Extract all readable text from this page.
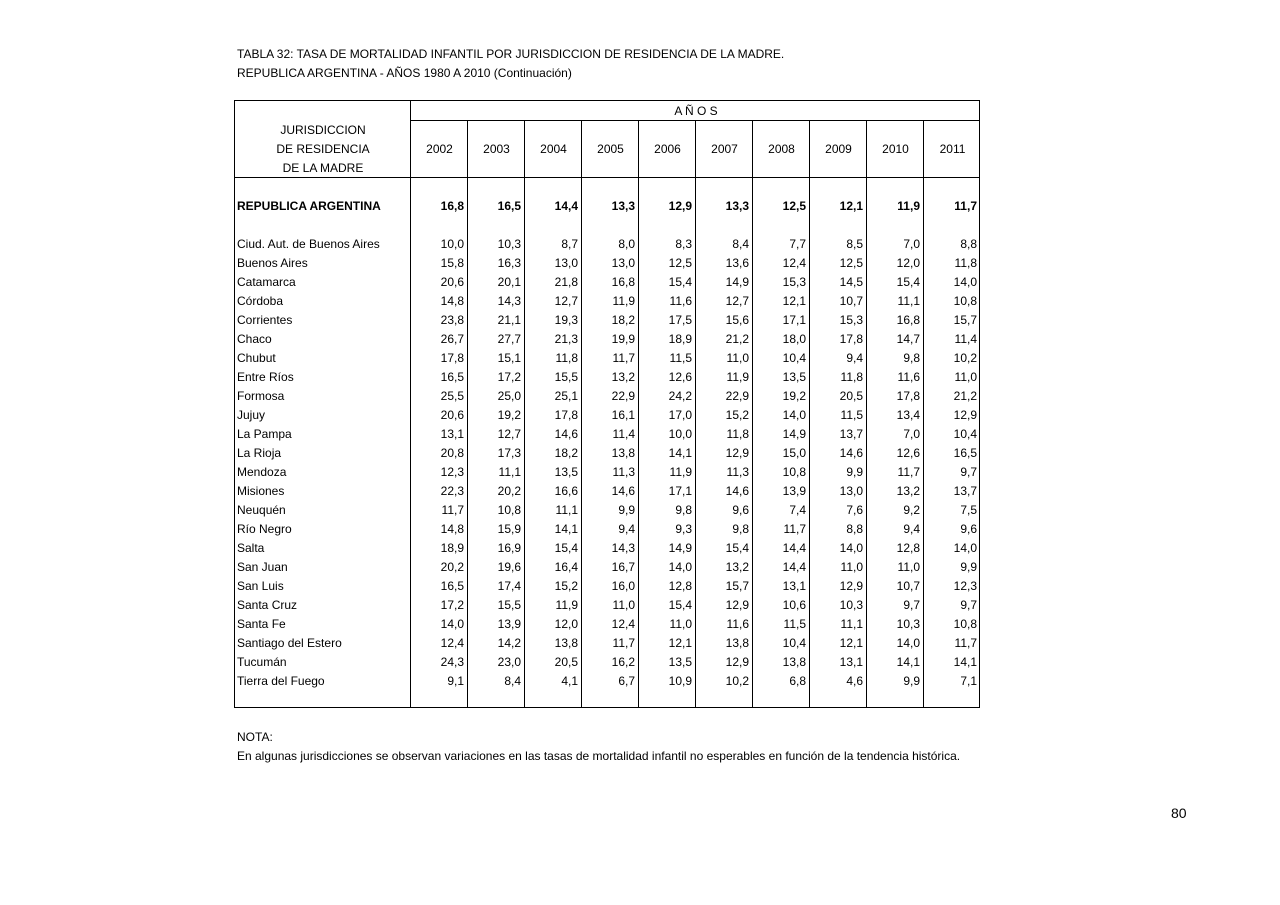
TABLA 32: TASA DE MORTALIDAD INFANTIL POR JURISDICCION DE RESIDENCIA DE LA MADRE.
REPUBLICA ARGENTINA - AÑOS 1980 A 2010 (Continuación)
JURISDICCION
DE RESIDENCIA
DE LA MADRE
A Ñ O S
2002	2003	2004	2005	2006	2007	2008	2009	2010	2011
REPUBLICA ARGENTINA	16,8	16,5	14,4	13,3	12,9	13,3	12,5	12,1	11,9	11,7
Ciud. Aut. de Buenos Aires	10,0	10,3	8,7	8,0	8,3	8,4	7,7	8,5	7,0	8,8
Buenos Aires	15,8	16,3	13,0	13,0	12,5	13,6	12,4	12,5	12,0	11,8
Catamarca	20,6	20,1	21,8	16,8	15,4	14,9	15,3	14,5	15,4	14,0
Córdoba	14,8	14,3	12,7	11,9	11,6	12,7	12,1	10,7	11,1	10,8
Corrientes	23,8	21,1	19,3	18,2	17,5	15,6	17,1	15,3	16,8	15,7
Chaco	26,7	27,7	21,3	19,9	18,9	21,2	18,0	17,8	14,7	11,4
Chubut	17,8	15,1	11,8	11,7	11,5	11,0	10,4	9,4	9,8	10,2
Entre Ríos	16,5	17,2	15,5	13,2	12,6	11,9	13,5	11,8	11,6	11,0
Formosa	25,5	25,0	25,1	22,9	24,2	22,9	19,2	20,5	17,8	21,2
Jujuy	20,6	19,2	17,8	16,1	17,0	15,2	14,0	11,5	13,4	12,9
La Pampa	13,1	12,7	14,6	11,4	10,0	11,8	14,9	13,7	7,0	10,4
La Rioja	20,8	17,3	18,2	13,8	14,1	12,9	15,0	14,6	12,6	16,5
Mendoza	12,3	11,1	13,5	11,3	11,9	11,3	10,8	9,9	11,7	9,7
Misiones	22,3	20,2	16,6	14,6	17,1	14,6	13,9	13,0	13,2	13,7
Neuquén	11,7	10,8	11,1	9,9	9,8	9,6	7,4	7,6	9,2	7,5
Río Negro	14,8	15,9	14,1	9,4	9,3	9,8	11,7	8,8	9,4	9,6
Salta	18,9	16,9	15,4	14,3	14,9	15,4	14,4	14,0	12,8	14,0
San Juan	20,2	19,6	16,4	16,7	14,0	13,2	14,4	11,0	11,0	9,9
San Luis	16,5	17,4	15,2	16,0	12,8	15,7	13,1	12,9	10,7	12,3
Santa Cruz	17,2	15,5	11,9	11,0	15,4	12,9	10,6	10,3	9,7	9,7
Santa Fe	14,0	13,9	12,0	12,4	11,0	11,6	11,5	11,1	10,3	10,8
Santiago del Estero	12,4	14,2	13,8	11,7	12,1	13,8	10,4	12,1	14,0	11,7
Tucumán	24,3	23,0	20,5	16,2	13,5	12,9	13,8	13,1	14,1	14,1
Tierra del Fuego	9,1	8,4	4,1	6,7	10,9	10,2	6,8	4,6	9,9	7,1
NOTA:
En algunas jurisdicciones se observan variaciones en las tasas de mortalidad infantil no esperables en función de la tendencia histórica.
80
